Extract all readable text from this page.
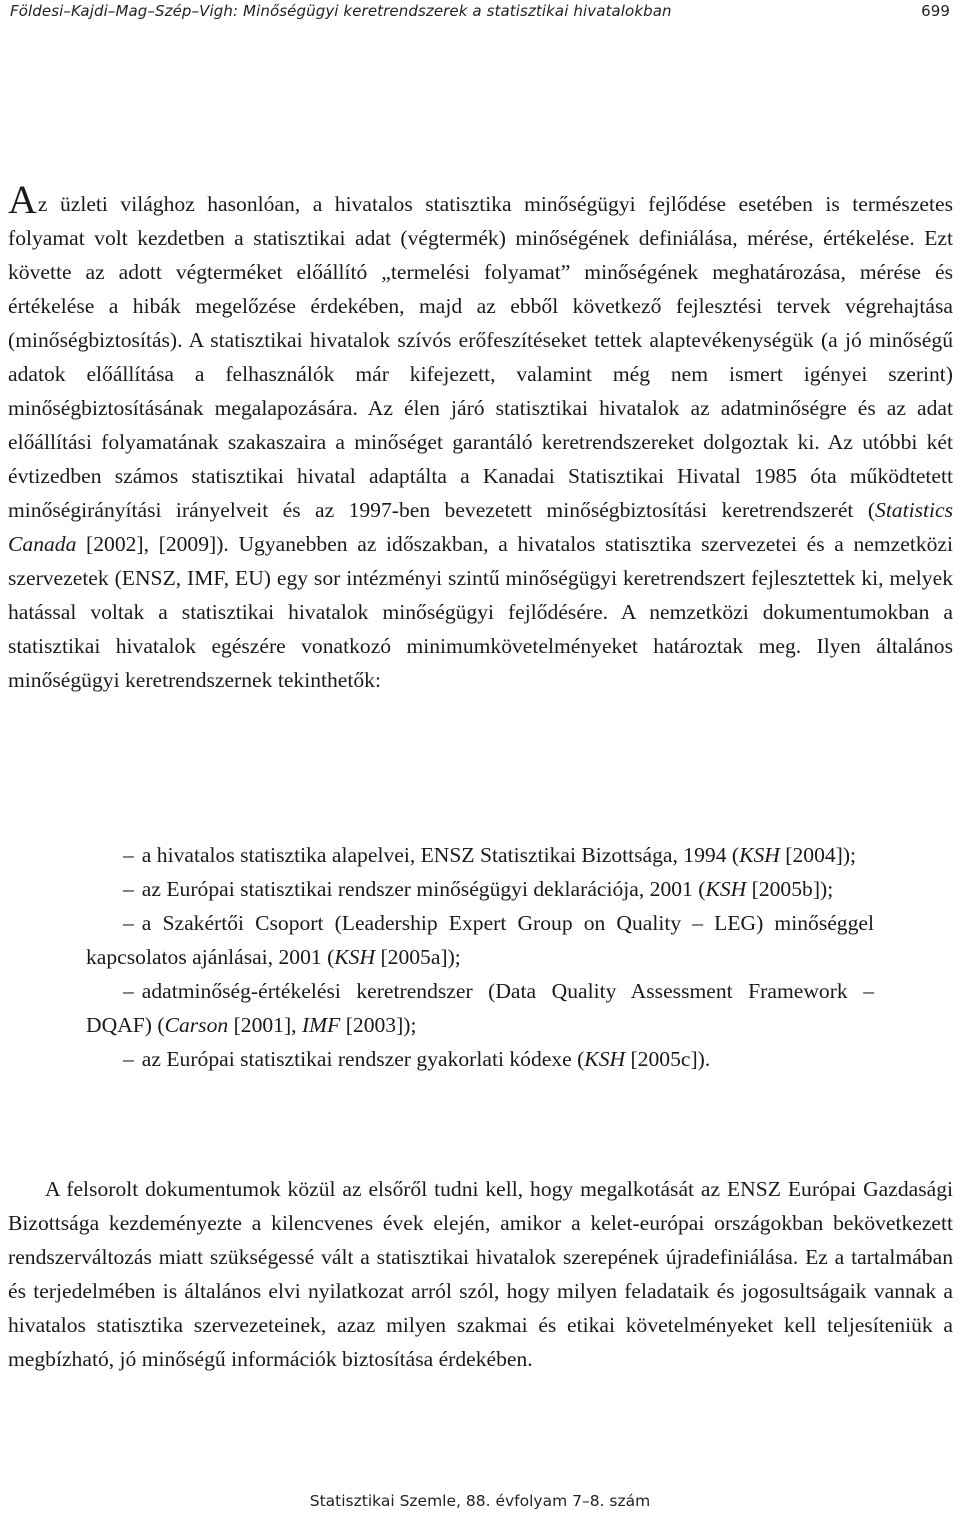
Földesi–Kajdi–Mag–Szép–Vigh: Minőségügyi keretrendszerek a statisztikai hivatalokban	699

Az üzleti világhoz hasonlóan, a hivatalos statisztika minőségügyi fejlődése esetében is természetes folyamat volt kezdetben a statisztikai adat (végtermék) minőségének definiálása, mérése, értékelése. Ezt követte az adott végterméket előállító „termelési folyamat” minőségének meghatározása, mérése és értékelése a hibák megelőzése érdekében, majd az ebből következő fejlesztési tervek végrehajtása (minőségbiztosítás). A statisztikai hivatalok szívós erőfeszítéseket tettek alaptevékenységük (a jó minőségű adatok előállítása a felhasználók már kifejezett, valamint még nem ismert igényei szerint) minőségbiztosításának megalapozására. Az élen járó statisztikai hivatalok az adatminőségre és az adat előállítási folyamatának szakaszaira a minőséget garantáló keretrendszereket dolgoztak ki. Az utóbbi két évtizedben számos statisztikai hivatal adaptálta a Kanadai Statisztikai Hivatal 1985 óta működtetett minőségirányítási irányelveit és az 1997-ben bevezetett minőségbiztosítási keretrendszerét (Statistics Canada [2002], [2009]). Ugyanebben az időszakban, a hivatalos statisztika szervezetei és a nemzetközi szervezetek (ENSZ, IMF, EU) egy sor intézményi szintű minőségügyi keretrendszert fejlesztettek ki, melyek hatással voltak a statisztikai hivatalok minőségügyi fejlődésére. A nemzetközi dokumentumokban a statisztikai hivatalok egészére vonatkozó minimumkövetelményeket határoztak meg. Ilyen általános minőségügyi keretrendszernek tekinthetők:

– a hivatalos statisztika alapelvei, ENSZ Statisztikai Bizottsága, 1994 (KSH [2004]);
– az Európai statisztikai rendszer minőségügyi deklarációja, 2001 (KSH [2005b]);
– a Szakértői Csoport (Leadership Expert Group on Quality – LEG) minőséggel kapcsolatos ajánlásai, 2001 (KSH [2005a]);
– adatminőség-értékelési keretrendszer (Data Quality Assessment Framework – DQAF) (Carson [2001], IMF [2003]);
– az Európai statisztikai rendszer gyakorlati kódexe (KSH [2005c]).

A felsorolt dokumentumok közül az elsőről tudni kell, hogy megalkotását az ENSZ Európai Gazdasági Bizottsága kezdeményezte a kilencvenes évek elején, amikor a kelet-európai országokban bekövetkezett rendszerváltozás miatt szükségessé vált a statisztikai hivatalok szerepének újradefiniálása. Ez a tartalmában és terjedelmében is általános elvi nyilatkozat arról szól, hogy milyen feladataik és jogosultságaik vannak a hivatalos statisztika szervezeteinek, azaz milyen szakmai és etikai követelményeket kell teljesíteniük a megbízható, jó minőségű információk biztosítása érdekében.

Statisztikai Szemle, 88. évfolyam 7–8. szám
